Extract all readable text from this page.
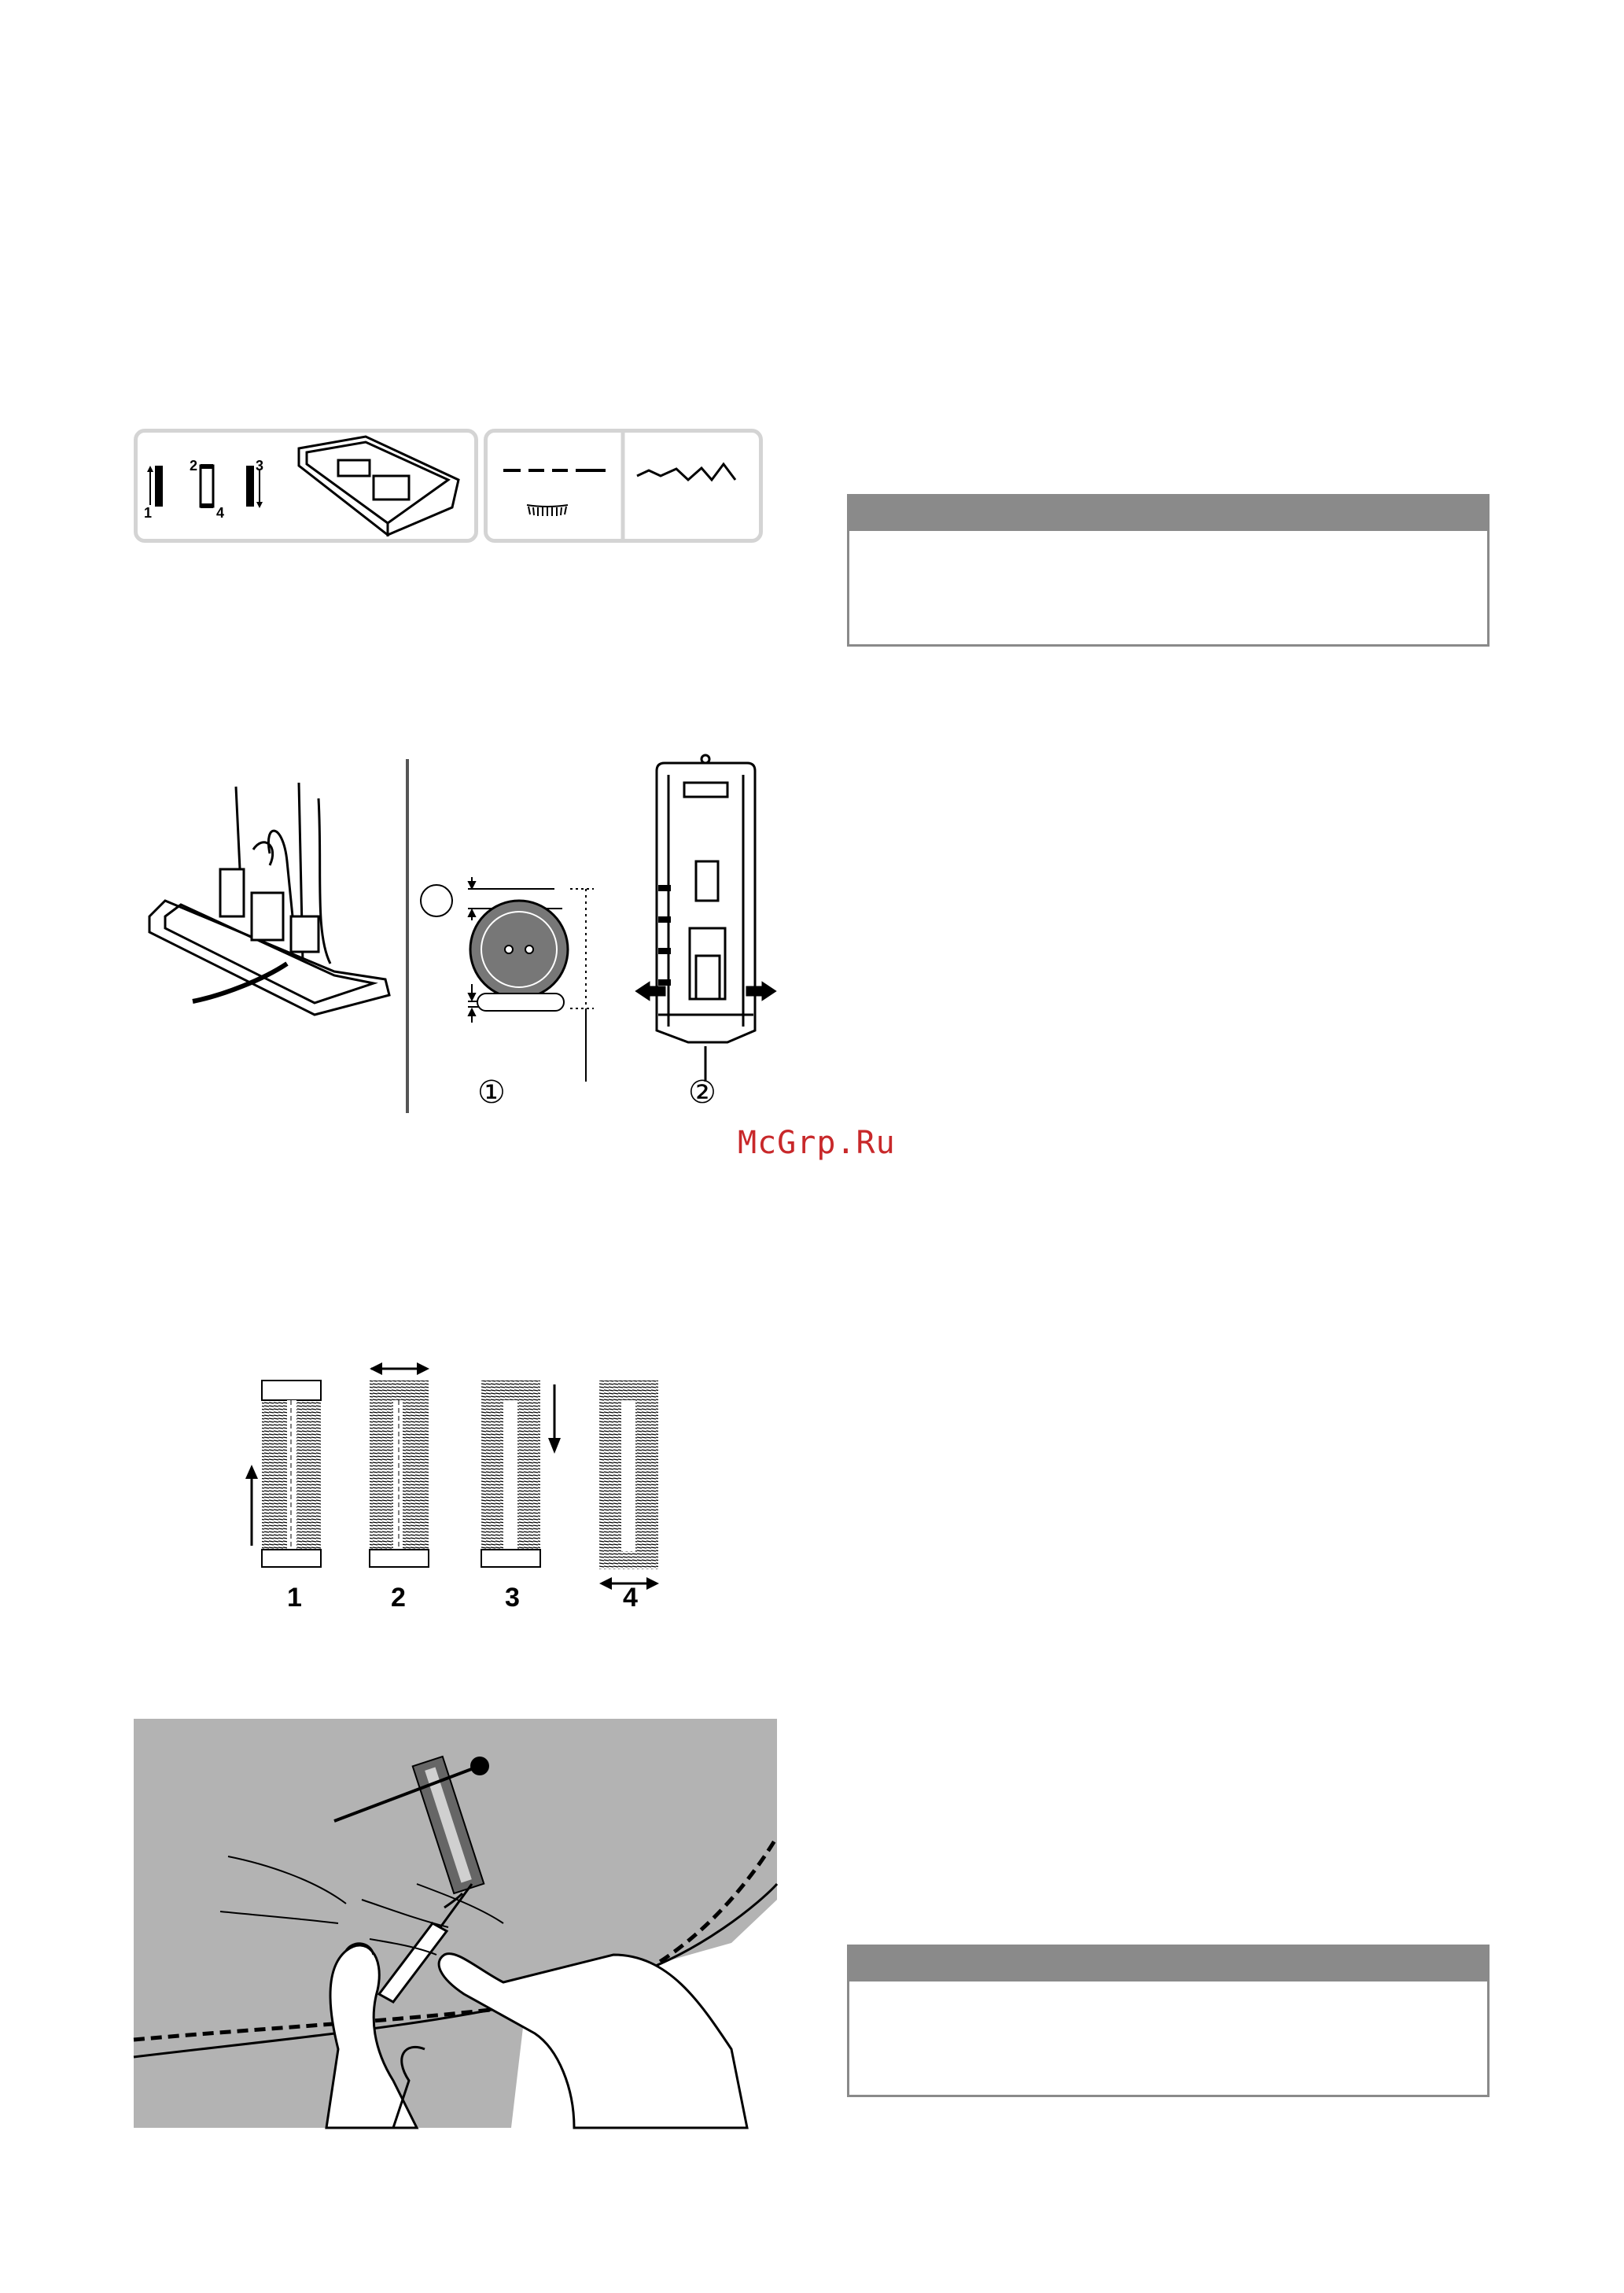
1
2
4
3
①	②
McGrp.Ru
1	2	3	4
